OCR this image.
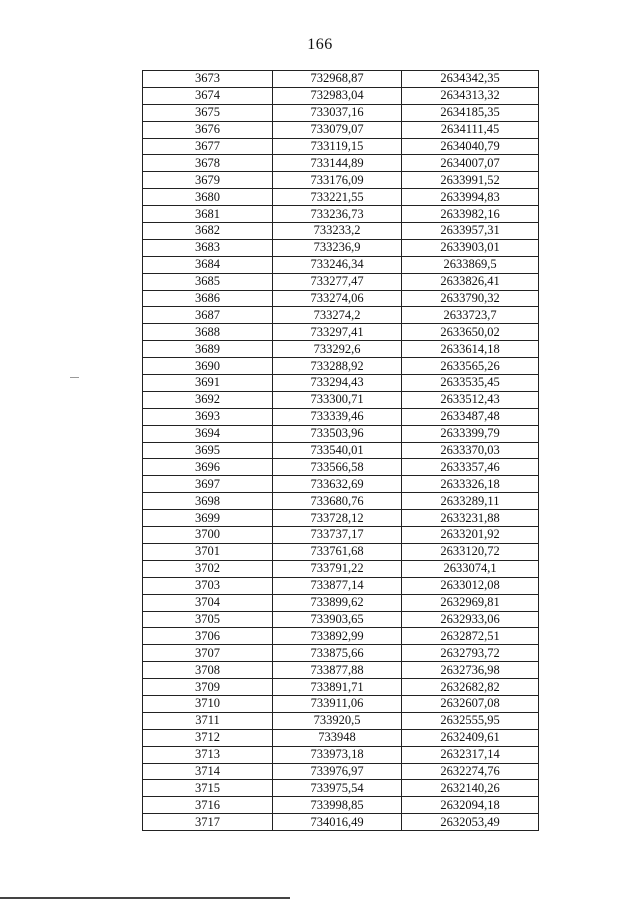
166
3673	732968,87	2634342,35
3674	732983,04	2634313,32
3675	733037,16	2634185,35
3676	733079,07	2634111,45
3677	733119,15	2634040,79
3678	733144,89	2634007,07
3679	733176,09	2633991,52
3680	733221,55	2633994,83
3681	733236,73	2633982,16
3682	733233,2	2633957,31
3683	733236,9	2633903,01
3684	733246,34	2633869,5
3685	733277,47	2633826,41
3686	733274,06	2633790,32
3687	733274,2	2633723,7
3688	733297,41	2633650,02
3689	733292,6	2633614,18
3690	733288,92	2633565,26
3691	733294,43	2633535,45
3692	733300,71	2633512,43
3693	733339,46	2633487,48
3694	733503,96	2633399,79
3695	733540,01	2633370,03
3696	733566,58	2633357,46
3697	733632,69	2633326,18
3698	733680,76	2633289,11
3699	733728,12	2633231,88
3700	733737,17	2633201,92
3701	733761,68	2633120,72
3702	733791,22	2633074,1
3703	733877,14	2633012,08
3704	733899,62	2632969,81
3705	733903,65	2632933,06
3706	733892,99	2632872,51
3707	733875,66	2632793,72
3708	733877,88	2632736,98
3709	733891,71	2632682,82
3710	733911,06	2632607,08
3711	733920,5	2632555,95
3712	733948	2632409,61
3713	733973,18	2632317,14
3714	733976,97	2632274,76
3715	733975,54	2632140,26
3716	733998,85	2632094,18
3717	734016,49	2632053,49
